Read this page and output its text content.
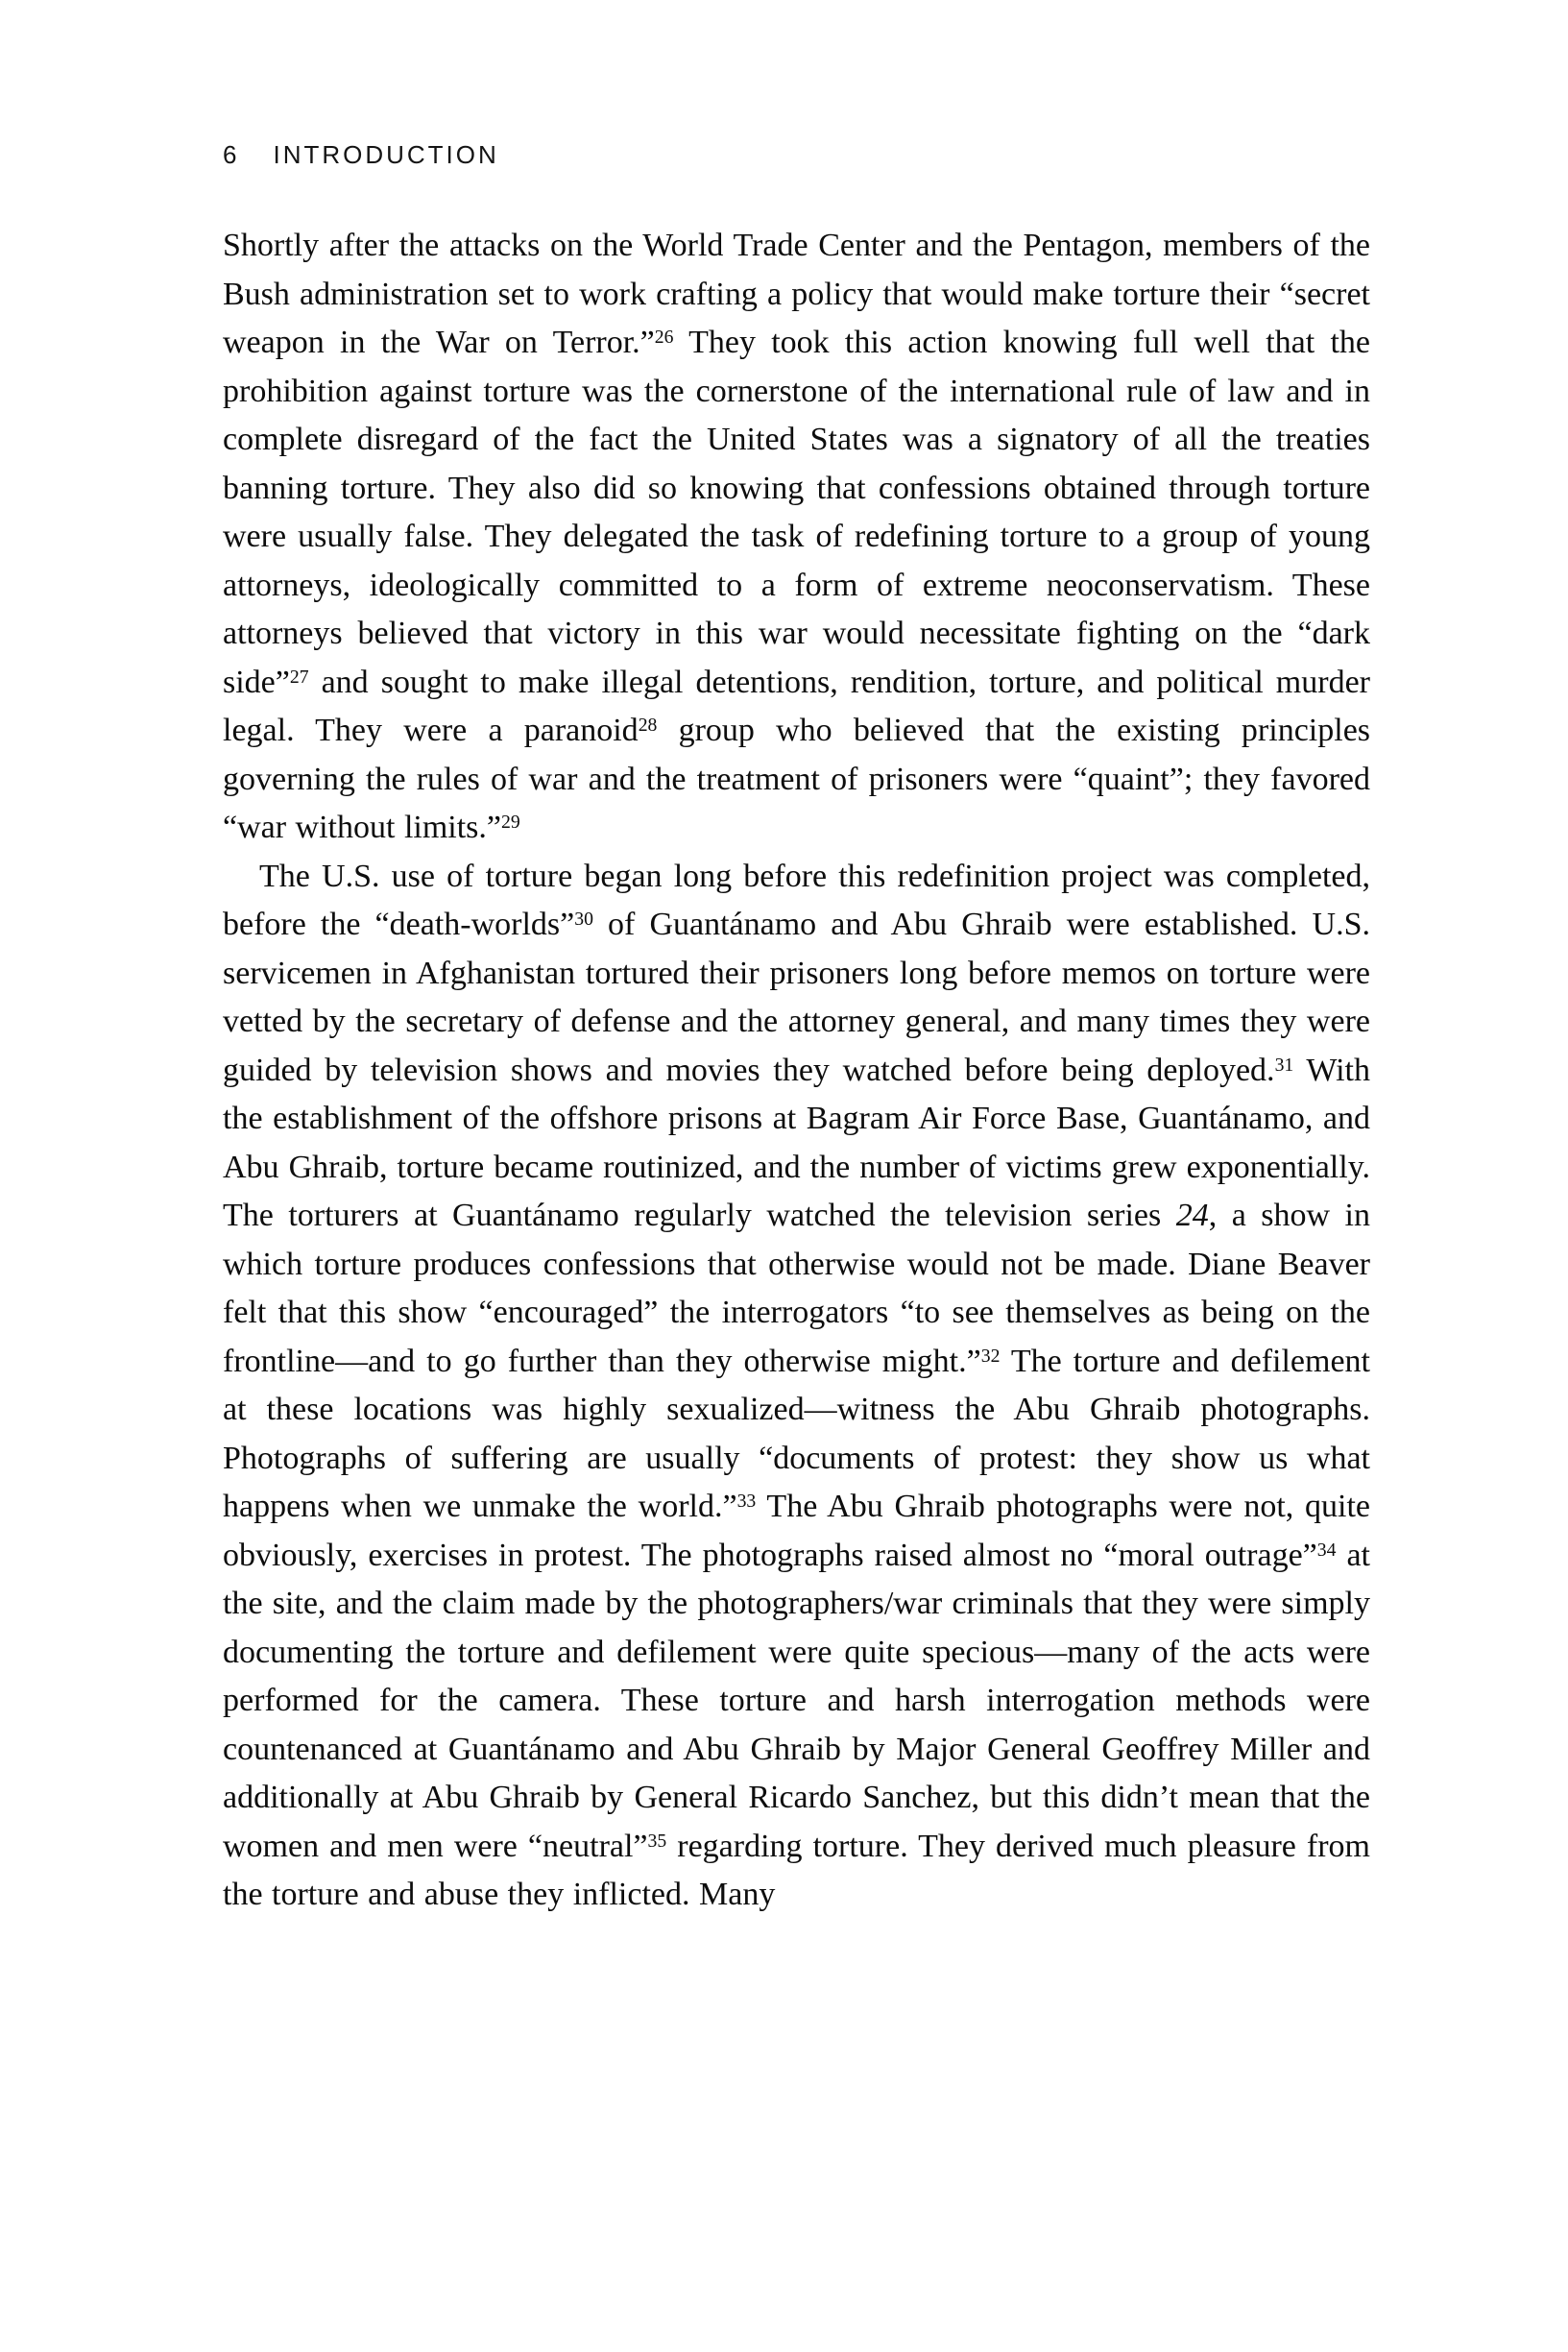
6 INTRODUCTION

Shortly after the attacks on the World Trade Center and the Pentagon, members of the Bush administration set to work crafting a policy that would make torture their “secret weapon in the War on Terror.”$^{26}$ They took this action knowing full well that the prohibition against torture was the cornerstone of the international rule of law and in complete disregard of the fact the United States was a signatory of all the treaties banning torture. They also did so knowing that confessions obtained through torture were usually false. They delegated the task of redefining torture to a group of young attorneys, ideologically committed to a form of extreme neoconservatism. These attorneys believed that victory in this war would necessitate fighting on the “dark side”$^{27}$ and sought to make illegal detentions, rendition, torture, and political murder legal. They were a paranoid$^{28}$ group who believed that the existing principles governing the rules of war and the treatment of prisoners were “quaint”; they favored “war without limits.”$^{29}$

The U.S. use of torture began long before this redefinition project was completed, before the “death-worlds”$^{30}$ of Guantánamo and Abu Ghraib were established. U.S. servicemen in Afghanistan tortured their prisoners long before memos on torture were vetted by the secretary of defense and the attorney general, and many times they were guided by television shows and movies they watched before being deployed.$^{31}$ With the establishment of the offshore prisons at Bagram Air Force Base, Guantánamo, and Abu Ghraib, torture became routinized, and the number of victims grew exponentially. The torturers at Guantánamo regularly watched the television series 24, a show in which torture produces confessions that otherwise would not be made. Diane Beaver felt that this show “encouraged” the interrogators “to see themselves as being on the frontline—and to go further than they otherwise might.”$^{32}$ The torture and defilement at these locations was highly sexualized—witness the Abu Ghraib photographs. Photographs of suffering are usually “documents of protest: they show us what happens when we unmake the world.”$^{33}$ The Abu Ghraib photographs were not, quite obviously, exercises in protest. The photographs raised almost no “moral outrage”$^{34}$ at the site, and the claim made by the photographers/war criminals that they were simply documenting the torture and defilement were quite specious—many of the acts were performed for the camera. These torture and harsh interrogation methods were countenanced at Guantánamo and Abu Ghraib by Major General Geoffrey Miller and additionally at Abu Ghraib by General Ricardo Sanchez, but this didn’t mean that the women and men were “neutral”$^{35}$ regarding torture. They derived much pleasure from the torture and abuse they inflicted. Many
